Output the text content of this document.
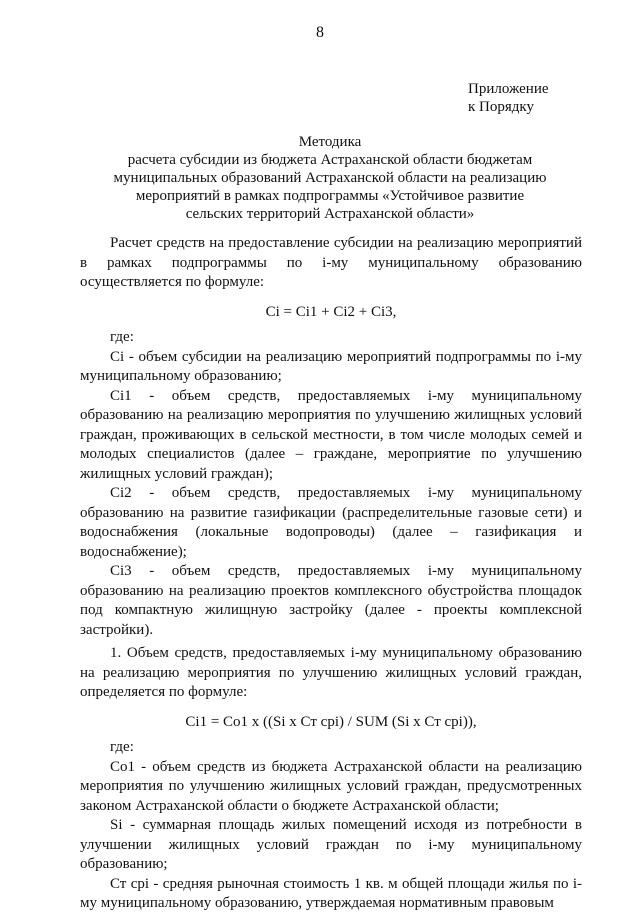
8
Приложение
к Порядку
Методика
расчета субсидии из бюджета Астраханской области бюджетам
муниципальных образований Астраханской области на реализацию
мероприятий в рамках подпрограммы «Устойчивое развитие
сельских территорий Астраханской области»

Расчет средств на предоставление субсидии на реализацию мероприятий в рамках подпрограммы по i-му муниципальному образованию осуществляется по формуле:

Ci = Ci1 + Ci2 + Ci3,

где:

Ci - объем субсидии на реализацию мероприятий подпрограммы по i-му муниципальному образованию;

Ci1 - объем средств, предоставляемых i-му муниципальному образованию на реализацию мероприятия по улучшению жилищных условий граждан, проживающих в сельской местности, в том числе молодых семей и молодых специалистов (далее – граждане, мероприятие по улучшению жилищных условий граждан);

Ci2 - объем средств, предоставляемых i-му муниципальному образованию на развитие газификации (распределительные газовые сети) и водоснабжения (локальные водопроводы) (далее – газификация и водоснабжение);

Ci3 - объем средств, предоставляемых i-му муниципальному образованию на реализацию проектов комплексного обустройства площадок под компактную жилищную застройку (далее - проекты комплексной застройки).

1. Объем средств, предоставляемых i-му муниципальному образованию на реализацию мероприятия по улучшению жилищных условий граждан, определяется по формуле:

Ci1 = Co1 x ((Si x Ст срi) / SUM (Si x Ст срi)),

где:

Co1 - объем средств из бюджета Астраханской области на реализацию мероприятия по улучшению жилищных условий граждан, предусмотренных законом Астраханской области о бюджете Астраханской области;

Si - суммарная площадь жилых помещений исходя из потребности в улучшении жилищных условий граждан по i-му муниципальному образованию;

Ст срi - средняя рыночная стоимость 1 кв. м общей площади жилья по i-му муниципальному образованию, утверждаемая нормативным правовым
